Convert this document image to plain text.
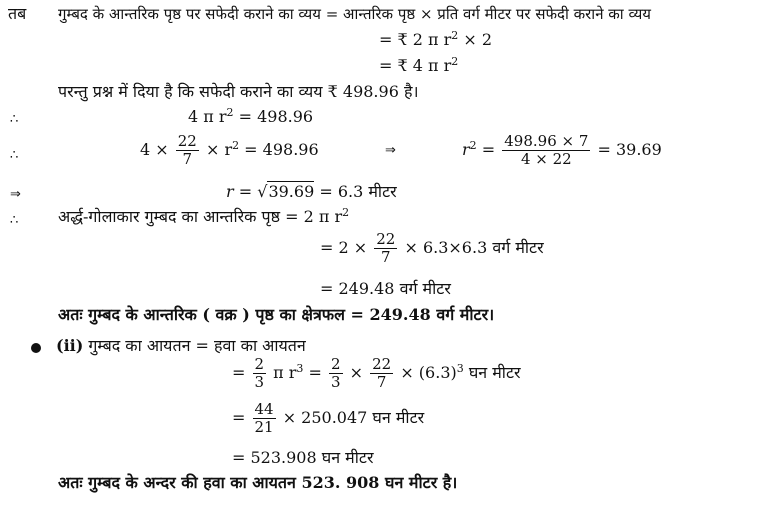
तब गुम्बद के आन्तरिक पृष्ठ पर सफेदी कराने का व्यय = आन्तरिक पृष्ठ × प्रति वर्ग मीटर पर सफेदी कराने का व्यय
= ₹ 2 π $r^2 \times 2$
= ₹ 4 π $r^2$
परन्तु प्रश्न में दिया है कि सफेदी कराने का व्यय ₹ 498.96 है।
∴	4 π $r^2 = 498.96$
∴	$4 \times \frac{22}{7} \times r^2 = 498.96$	⇒	$r^2 = \frac{498.96 \times 7}{4 \times 22} = 39.69$
⇒	r = √39.69 = 6.3 मीटर
∴ अर्द्ध-गोलाकार गुम्बद का आन्तरिक पृष्ठ = 2 π $r^2$
= $2 \times \frac{22}{7} \times 6.3\times 6.3$ वर्ग मीटर
= 249.48 वर्ग मीटर
अतः गुम्बद के आन्तरिक ( वक्र ) पृष्ठ का क्षेत्रफल = 249.48 वर्ग मीटर।
(ii) गुम्बद का आयतन = हवा का आयतन
= $\frac{2}{3}$ π $r^3 = \frac{2}{3} \times \frac{22}{7} \times (6.3)^3$ घन मीटर
= $\frac{44}{21} \times 250.047$ घन मीटर
= 523.908 घन मीटर
अतः गुम्बद के अन्दर की हवा का आयतन 523. 908 घन मीटर है।
